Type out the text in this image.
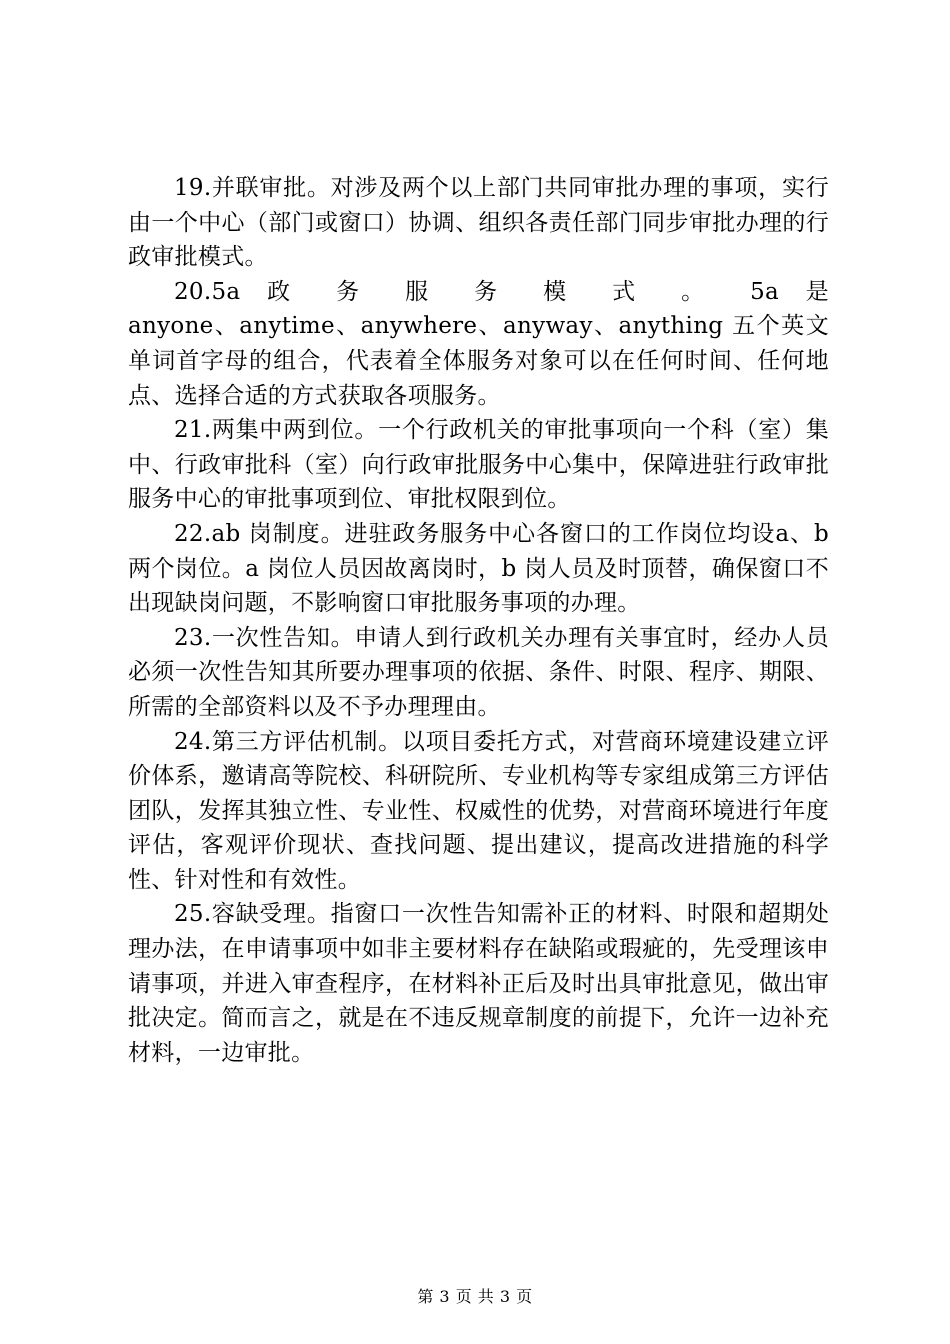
19.并联审批。对涉及两个以上部门共同审批办理的事项，实行由一个中心（部门或窗口）协调、组织各责任部门同步审批办理的行政审批模式。

20.5a 政 务 服 务 模 式 。 5a 是

anyone、anytime、anywhere、anyway、anything 五个英文单词首字母的组合，代表着全体服务对象可以在任何时间、任何地点、选择合适的方式获取各项服务。

21.两集中两到位。一个行政机关的审批事项向一个科（室）集中、行政审批科（室）向行政审批服务中心集中，保障进驻行政审批服务中心的审批事项到位、审批权限到位。

22.ab 岗制度。进驻政务服务中心各窗口的工作岗位均设a、b 两个岗位。a 岗位人员因故离岗时，b 岗人员及时顶替，确保窗口不出现缺岗问题，不影响窗口审批服务事项的办理。

23.一次性告知。申请人到行政机关办理有关事宜时，经办人员必须一次性告知其所要办理事项的依据、条件、时限、程序、期限、所需的全部资料以及不予办理理由。

24.第三方评估机制。以项目委托方式，对营商环境建设建立评价体系，邀请高等院校、科研院所、专业机构等专家组成第三方评估团队，发挥其独立性、专业性、权威性的优势，对营商环境进行年度评估，客观评价现状、查找问题、提出建议，提高改进措施的科学性、针对性和有效性。

25.容缺受理。指窗口一次性告知需补正的材料、时限和超期处理办法，在申请事项中如非主要材料存在缺陷或瑕疵的，先受理该申请事项，并进入审查程序，在材料补正后及时出具审批意见，做出审批决定。简而言之，就是在不违反规章制度的前提下，允许一边补充材料，一边审批。

第 3 页 共 3 页
